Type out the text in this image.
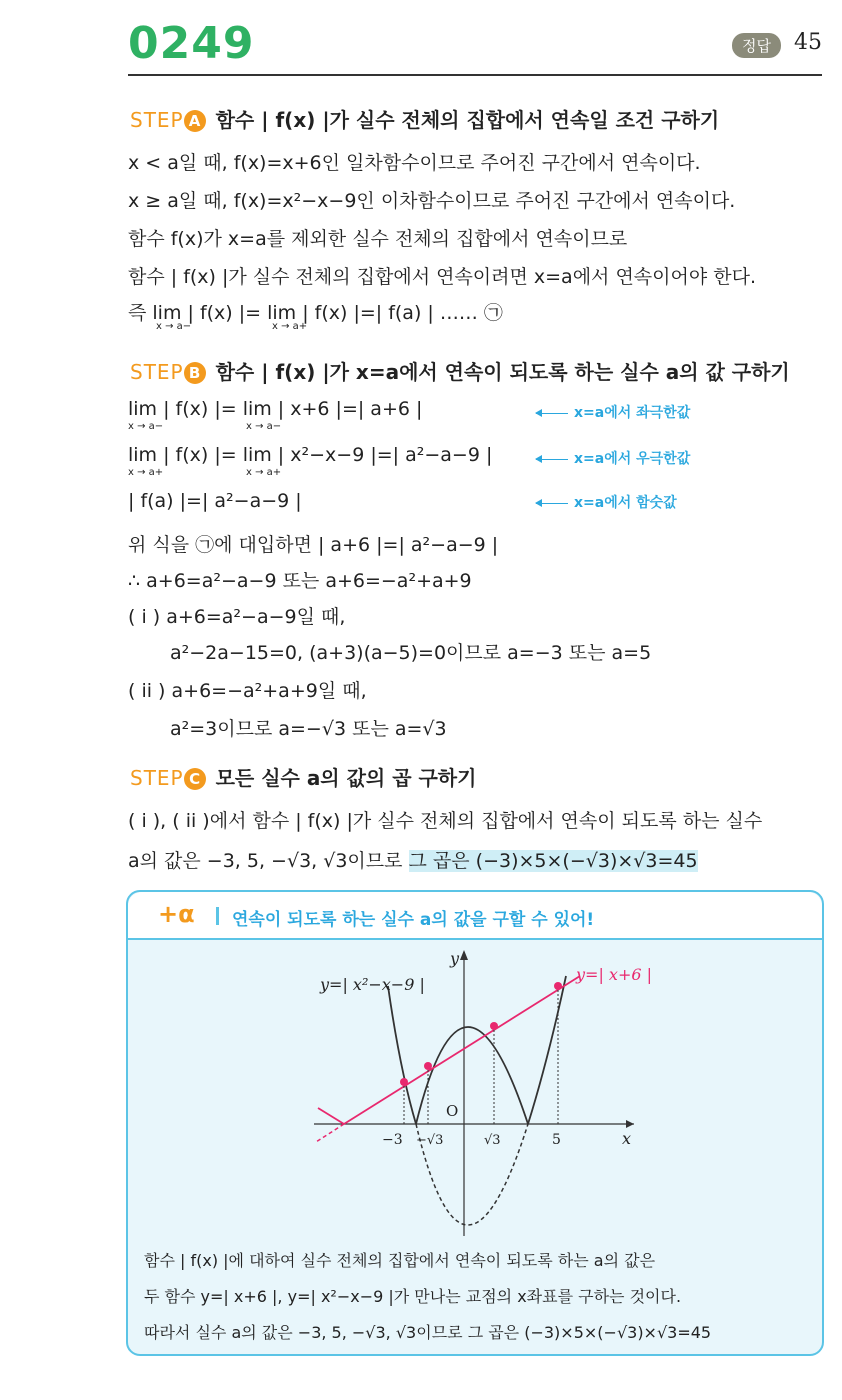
0249	정답	45
STEP A 함수 | f(x) |가 실수 전체의 집합에서 연속일 조건 구하기
x < a일 때, f(x)=x+6인 일차함수이므로 주어진 구간에서 연속이다.
x ≥ a일 때, f(x)=x²−x−9인 이차함수이므로 주어진 구간에서 연속이다.
함수 f(x)가 x=a를 제외한 실수 전체의 집합에서 연속이므로
함수 | f(x) |가 실수 전체의 집합에서 연속이려면 x=a에서 연속이어야 한다.
즉 lim | f(x) |= lim | f(x) |=| f(a) | …… ㉠
x → a−	x → a+
STEP B 함수 | f(x) |가 x=a에서 연속이 되도록 하는 실수 a의 값 구하기
lim | f(x) |= lim | x+6 |=| a+6 |
x → a−	x → a−
x=a에서 좌극한값
lim | f(x) |= lim | x²−x−9 |=| a²−a−9 |
x → a+	x → a+
x=a에서 우극한값
| f(a) |=| a²−a−9 |	x=a에서 함숫값
위 식을 ㉠에 대입하면 | a+6 |=| a²−a−9 |
∴ a+6=a²−a−9 또는 a+6=−a²+a+9
( i ) a+6=a²−a−9일 때,
a²−2a−15=0, (a+3)(a−5)=0이므로 a=−3 또는 a=5
( ii ) a+6=−a²+a+9일 때,
a²=3이므로 a=−√3 또는 a=√3
STEP C 모든 실수 a의 값의 곱 구하기
( i ), ( ii )에서 함수 | f(x) |가 실수 전체의 집합에서 연속이 되도록 하는 실수
a의 값은 −3, 5, −√3, √3이므로 그 곱은 (−3)×5×(−√3)×√3=45
+α 연속이 되도록 하는 실수 a의 값을 구할 수 있어!
y
x
O
y=| x²−x−9 |
y=| x+6 |
−3 −√3	√3	5
함수 | f(x) |에 대하여 실수 전체의 집합에서 연속이 되도록 하는 a의 값은
두 함수 y=| x+6 |, y=| x²−x−9 |가 만나는 교점의 x좌표를 구하는 것이다.
따라서 실수 a의 값은 −3, 5, −√3, √3이므로 그 곱은 (−3)×5×(−√3)×√3=45
